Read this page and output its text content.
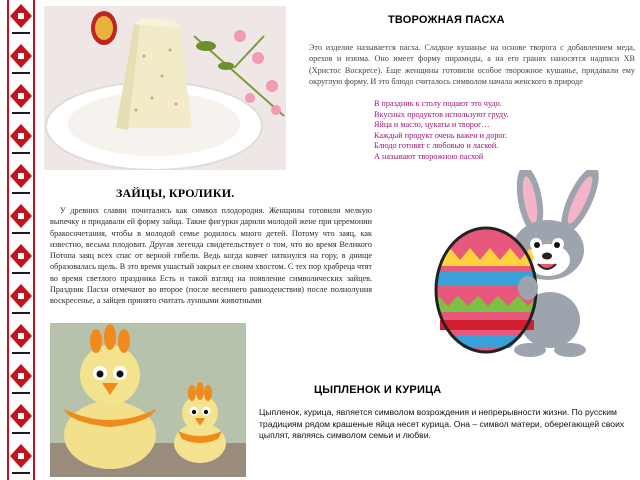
ТВОРОЖНАЯ ПАСХА
Это изделие называется пасха. Сладкое кушанье на основе творога с добавлением меда, орехов и изюма. Оно имеет форму пирамиды, а на его гранях наносятся надписи ХВ (Христос Воскресе). Еще женщины готовили особое творожное кушанье, придавали ему округлую форму. И это блюдо считалось символом начала женского в природе
В праздник к столу подают это чудо.
Вкусных продуктов используют груду.
Яйца и масло, цукаты и творог…
Каждый продукт очень важен и дорог.
Блюдо готовят с любовью и лаской.
А называют творожною пасхой
ЗАЙЦЫ, КРОЛИКИ.
У древних славян почитались как символ плодородия. Женщины готовили мелкую выпечку и придавали ей форму зайца. Такие фигурки дарили молодой жене при церемонии бракосочетания, чтобы в молодой семье родилось много детей. Потому что заяц, как известно, весьма плодовит. Другая легенда свидетельствует о том, что во время Великого Потопа заяц всех спас от верной гибели. Ведь когда ковчег наткнулся на гору, в днище образовалась щель. В это время ушастый закрыл ее своим хвостом. С тех пор храбреца чтят во время светлого праздника Есть и такой взгляд на появление символических зайцев. Праздник Пасхи отмечают во второе (после весеннего равноденствия) после полнолуния воскресенье, а зайцев принято считать лунными животными
ЦЫПЛЕНОК И КУРИЦА
Цыпленок, курица, является символом возрождения и непрерывности жизни. По русским традициям рядом крашеные яйца несет курица. Она – символ матери, оберегающей своих цыплят, являясь символом семьи и любви.
